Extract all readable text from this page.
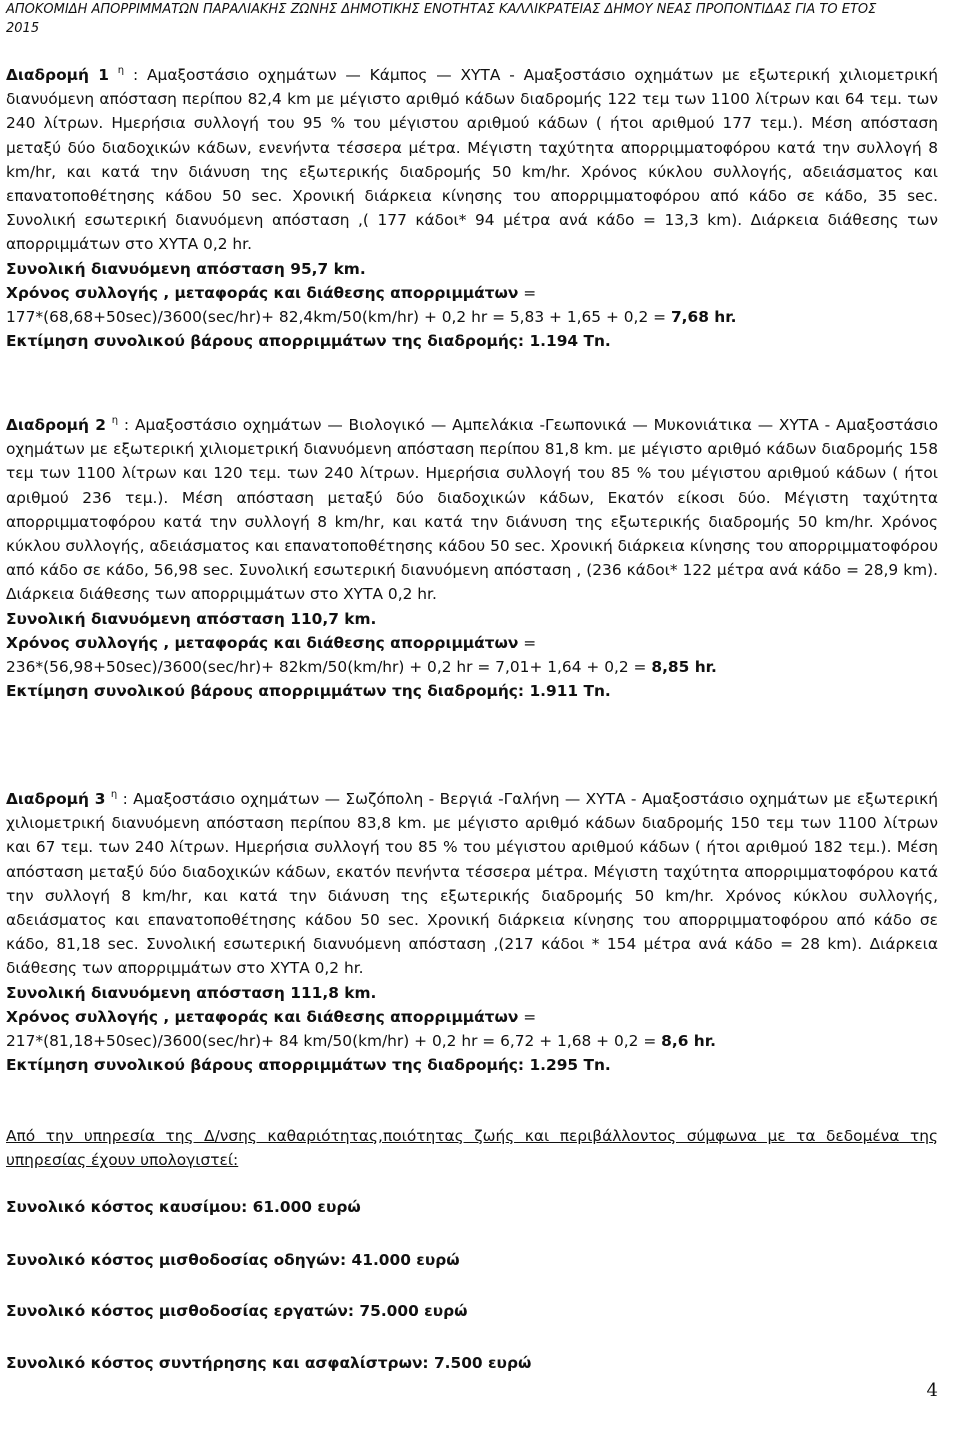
ΑΠΟΚΟΜΙΔΗ ΑΠΟΡΡΙΜΜΑΤΩΝ ΠΑΡΑΛΙΑΚΗΣ ΖΩΝΗΣ ΔΗΜΟΤΙΚΗΣ ΕΝΟΤΗΤΑΣ ΚΑΛΛΙΚΡΑΤΕΙΑΣ ΔΗΜΟΥ ΝΕΑΣ ΠΡΟΠΟΝΤΙΔΑΣ ΓΙΑ ΤΟ ΕΤΟΣ
2015

Διαδρομή 1 $^\eta$ : Αμαξοστάσιο οχημάτων — Κάμπος — ΧΥΤΑ - Αμαξοστάσιο οχημάτων με εξωτερική χιλιομετρική διανυόμενη απόσταση περίπου 82,4 km με μέγιστο αριθμό κάδων διαδρομής 122 τεμ των 1100 λίτρων και 64 τεμ. των 240 λίτρων. Ημερήσια συλλογή του 95 % του μέγιστου αριθμού κάδων ( ήτοι αριθμού 177 τεμ.). Μέση απόσταση μεταξύ δύο διαδοχικών κάδων, ενενήντα τέσσερα μέτρα. Μέγιστη ταχύτητα απορριμματοφόρου κατά την συλλογή 8 km/hr, και κατά την διάνυση της εξωτερικής διαδρομής 50 km/hr. Χρόνος κύκλου συλλογής, αδειάσματος και επανατοποθέτησης κάδου 50 sec. Χρονική διάρκεια κίνησης του απορριμματοφόρου από κάδο σε κάδο, 35 sec. Συνολική εσωτερική διανυόμενη απόσταση ,( 177 κάδοι* 94 μέτρα ανά κάδο = 13,3 km). Διάρκεια διάθεσης των απορριμμάτων στο ΧΥΤΑ 0,2 hr.

Συνολική διανυόμενη απόσταση 95,7 km.

Χρόνος συλλογής , μεταφοράς και διάθεσης απορριμμάτων =

177*(68,68+50sec)/3600(sec/hr)+ 82,4km/50(km/hr) + 0,2 hr = 5,83 + 1,65 + 0,2 = 7,68 hr.

Εκτίμηση συνολικού βάρους απορριμμάτων της διαδρομής: 1.194 Tn.

Διαδρομή 2 $^\eta$ : Αμαξοστάσιο οχημάτων — Βιολογικό — Αμπελάκια -Γεωπονικά — Μυκονιάτικα — ΧΥΤΑ - Αμαξοστάσιο οχημάτων με εξωτερική χιλιομετρική διανυόμενη απόσταση περίπου 81,8 km. με μέγιστο αριθμό κάδων διαδρομής 158 τεμ των 1100 λίτρων και 120 τεμ. των 240 λίτρων. Ημερήσια συλλογή του 85 % του μέγιστου αριθμού κάδων ( ήτοι αριθμού 236 τεμ.). Μέση απόσταση μεταξύ δύο διαδοχικών κάδων, Εκατόν είκοσι δύο. Μέγιστη ταχύτητα απορριμματοφόρου κατά την συλλογή 8 km/hr, και κατά την διάνυση της εξωτερικής διαδρομής 50 km/hr. Χρόνος κύκλου συλλογής, αδειάσματος και επανατοποθέτησης κάδου 50 sec. Χρονική διάρκεια κίνησης του απορριμματοφόρου από κάδο σε κάδο, 56,98 sec. Συνολική εσωτερική διανυόμενη απόσταση , (236 κάδοι* 122 μέτρα ανά κάδο = 28,9 km). Διάρκεια διάθεσης των απορριμμάτων στο ΧΥΤΑ 0,2 hr.

Συνολική διανυόμενη απόσταση 110,7 km.

Χρόνος συλλογής , μεταφοράς και διάθεσης απορριμμάτων =

236*(56,98+50sec)/3600(sec/hr)+ 82km/50(km/hr) + 0,2 hr = 7,01+ 1,64 + 0,2 = 8,85 hr.

Εκτίμηση συνολικού βάρους απορριμμάτων της διαδρομής: 1.911 Tn.

Διαδρομή 3 $^\eta$ : Αμαξοστάσιο οχημάτων — Σωζόπολη - Βεργιά -Γαλήνη — ΧΥΤΑ - Αμαξοστάσιο οχημάτων με εξωτερική χιλιομετρική διανυόμενη απόσταση περίπου 83,8 km. με μέγιστο αριθμό κάδων διαδρομής 150 τεμ των 1100 λίτρων και 67 τεμ. των 240 λίτρων. Ημερήσια συλλογή του 85 % του μέγιστου αριθμού κάδων ( ήτοι αριθμού 182 τεμ.). Μέση απόσταση μεταξύ δύο διαδοχικών κάδων, εκατόν πενήντα τέσσερα μέτρα. Μέγιστη ταχύτητα απορριμματοφόρου κατά την συλλογή 8 km/hr, και κατά την διάνυση της εξωτερικής διαδρομής 50 km/hr. Χρόνος κύκλου συλλογής, αδειάσματος και επανατοποθέτησης κάδου 50 sec. Χρονική διάρκεια κίνησης του απορριμματοφόρου από κάδο σε κάδο, 81,18 sec. Συνολική εσωτερική διανυόμενη απόσταση ,(217 κάδοι * 154 μέτρα ανά κάδο = 28 km). Διάρκεια διάθεσης των απορριμμάτων στο ΧΥΤΑ 0,2 hr.

Συνολική διανυόμενη απόσταση 111,8 km.

Χρόνος συλλογής , μεταφοράς και διάθεσης απορριμμάτων =

217*(81,18+50sec)/3600(sec/hr)+ 84 km/50(km/hr) + 0,2 hr = 6,72 + 1,68 + 0,2 = 8,6 hr.

Εκτίμηση συνολικού βάρους απορριμμάτων της διαδρομής: 1.295 Tn.

Από την υπηρεσία της Δ/νσης καθαριότητας,ποιότητας ζωής και περιβάλλοντος σύμφωνα με τα δεδομένα της υπηρεσίας έχουν υπολογιστεί:
Συνολικό κόστος καυσίμου: 61.000 ευρώ
Συνολικό κόστος μισθοδοσίας οδηγών: 41.000 ευρώ
Συνολικό κόστος μισθοδοσίας εργατών: 75.000 ευρώ
Συνολικό κόστος συντήρησης και ασφαλίστρων: 7.500 ευρώ
4
